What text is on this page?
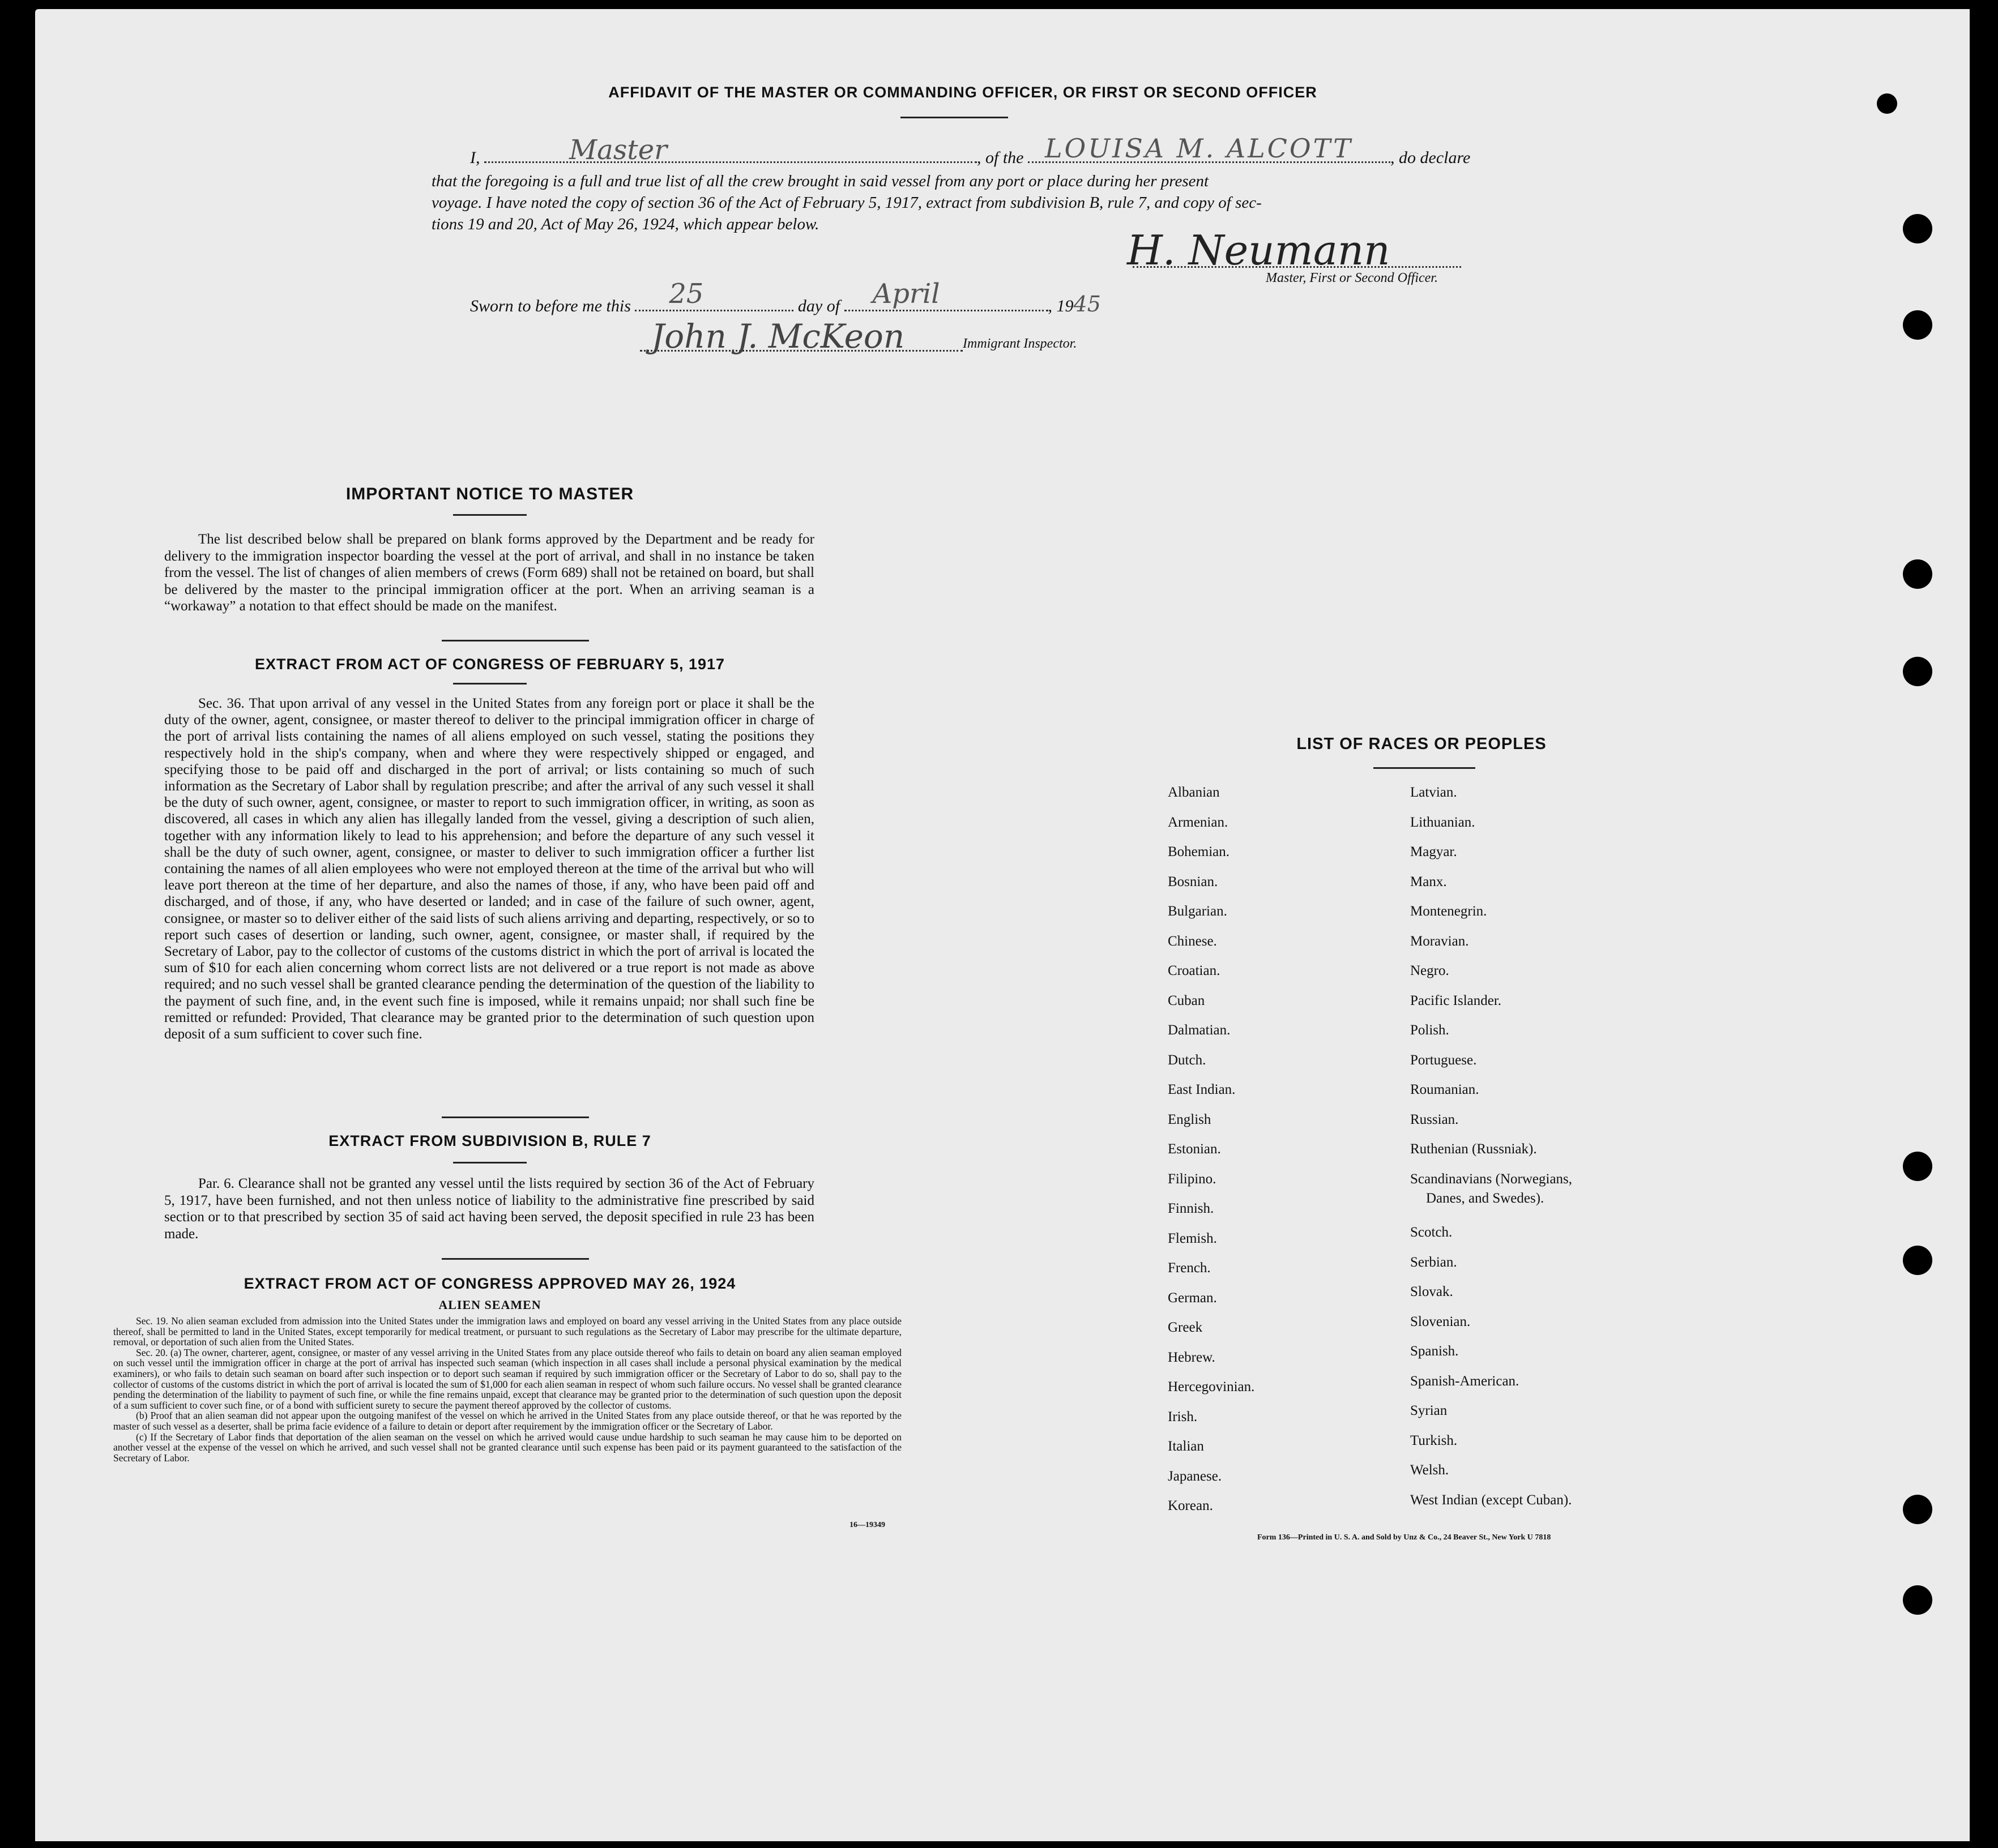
AFFIDAVIT OF THE MASTER OR COMMANDING OFFICER, OR FIRST OR SECOND OFFICER
I,	Master	, of the LOUISA M. ALCOTT , do declare
that the foregoing is a full and true list of all the crew brought in said vessel from any port or place during her present
voyage. I have noted the copy of section 36 of the Act of February 5, 1917, extract from subdivision B, rule 7, and copy of sec-
tions 19 and 20, Act of May 26, 1924, which appear below.
H. Neumann
Master, First or Second Officer.
Sworn to before me this 25	day of April	, 1945
John J. McKeon	Immigrant Inspector.
IMPORTANT NOTICE TO MASTER
The list described below shall be prepared on blank forms approved by the Department and be ready for delivery to the immigration inspector boarding the vessel at the port of arrival, and shall in no instance be taken from the vessel. The list of changes of alien members of crews (Form 689) shall not be retained on board, but shall be delivered by the master to the principal immigration officer at the port. When an arriving seaman is a “workaway” a notation to that effect should be made on the manifest.
EXTRACT FROM ACT OF CONGRESS OF FEBRUARY 5, 1917
Sec. 36. That upon arrival of any vessel in the United States from any foreign port or place it shall be the duty of the owner, agent, consignee, or master thereof to deliver to the principal immigration officer in charge of the port of arrival lists containing the names of all aliens employed on such vessel, stating the positions they respectively hold in the ship's company, when and where they were respectively shipped or engaged, and specifying those to be paid off and discharged in the port of arrival; or lists containing so much of such information as the Secretary of Labor shall by regulation prescribe; and after the arrival of any such vessel it shall be the duty of such owner, agent, consignee, or master to report to such immigration officer, in writing, as soon as discovered, all cases in which any alien has illegally landed from the vessel, giving a description of such alien, together with any information likely to lead to his apprehension; and before the departure of any such vessel it shall be the duty of such owner, agent, consignee, or master to deliver to such immigration officer a further list containing the names of all alien employees who were not employed thereon at the time of the arrival but who will leave port thereon at the time of her departure, and also the names of those, if any, who have been paid off and discharged, and of those, if any, who have deserted or landed; and in case of the failure of such owner, agent, consignee, or master so to deliver either of the said lists of such aliens arriving and departing, respectively, or so to report such cases of desertion or landing, such owner, agent, consignee, or master shall, if required by the Secretary of Labor, pay to the collector of customs of the customs district in which the port of arrival is located the sum of $10 for each alien concerning whom correct lists are not delivered or a true report is not made as above required; and no such vessel shall be granted clearance pending the determination of the question of the liability to the payment of such fine, and, in the event such fine is imposed, while it remains unpaid; nor shall such fine be remitted or refunded: Provided, That clearance may be granted prior to the determination of such question upon deposit of a sum sufficient to cover such fine.
EXTRACT FROM SUBDIVISION B, RULE 7
Par. 6. Clearance shall not be granted any vessel until the lists required by section 36 of the Act of February 5, 1917, have been furnished, and not then unless notice of liability to the administrative fine prescribed by said section or to that prescribed by section 35 of said act having been served, the deposit specified in rule 23 has been made.
EXTRACT FROM ACT OF CONGRESS APPROVED MAY 26, 1924
ALIEN SEAMEN
Sec. 19. No alien seaman excluded from admission into the United States under the immigration laws and employed on board any vessel arriving in the United States from any place outside thereof, shall be permitted to land in the United States, except temporarily for medical treatment, or pursuant to such regulations as the Secretary of Labor may prescribe for the ultimate departure, removal, or deportation of such alien from the United States.
Sec. 20. (a) The owner, charterer, agent, consignee, or master of any vessel arriving in the United States from any place outside thereof who fails to detain on board any alien seaman employed on such vessel until the immigration officer in charge at the port of arrival has inspected such seaman (which inspection in all cases shall include a personal physical examination by the medical examiners), or who fails to detain such seaman on board after such inspection or to deport such seaman if required by such immigration officer or the Secretary of Labor to do so, shall pay to the collector of customs of the customs district in which the port of arrival is located the sum of $1,000 for each alien seaman in respect of whom such failure occurs. No vessel shall be granted clearance pending the determination of the liability to payment of such fine, or while the fine remains unpaid, except that clearance may be granted prior to the determination of such question upon the deposit of a sum sufficient to cover such fine, or of a bond with sufficient surety to secure the payment thereof approved by the collector of customs.
(b) Proof that an alien seaman did not appear upon the outgoing manifest of the vessel on which he arrived in the United States from any place outside thereof, or that he was reported by the master of such vessel as a deserter, shall be prima facie evidence of a failure to detain or deport after requirement by the immigration officer or the Secretary of Labor.
(c) If the Secretary of Labor finds that deportation of the alien seaman on the vessel on which he arrived would cause undue hardship to such seaman he may cause him to be deported on another vessel at the expense of the vessel on which he arrived, and such vessel shall not be granted clearance until such expense has been paid or its payment guaranteed to the satisfaction of the Secretary of Labor.
16—19349
LIST OF RACES OR PEOPLES
Albanian
Armenian.
Bohemian.
Bosnian.
Bulgarian.
Chinese.
Croatian.
Cuban
Dalmatian.
Dutch.
East Indian.
English
Estonian.
Filipino.
Finnish.
Flemish.
French.
German.
Greek
Hebrew.
Hercegovinian.
Irish.
Italian
Japanese.
Korean.
Latvian.
Lithuanian.
Magyar.
Manx.
Montenegrin.
Moravian.
Negro.
Pacific Islander.
Polish.
Portuguese.
Roumanian.
Russian.
Ruthenian (Russniak).
Scandinavians (Norwegians,
Danes, and Swedes).
Scotch.
Serbian.
Slovak.
Slovenian.
Spanish.
Spanish-American.
Syrian
Turkish.
Welsh.
West Indian (except Cuban).
Form 136—Printed in U. S. A. and Sold by Unz & Co., 24 Beaver St., New York U 7818
